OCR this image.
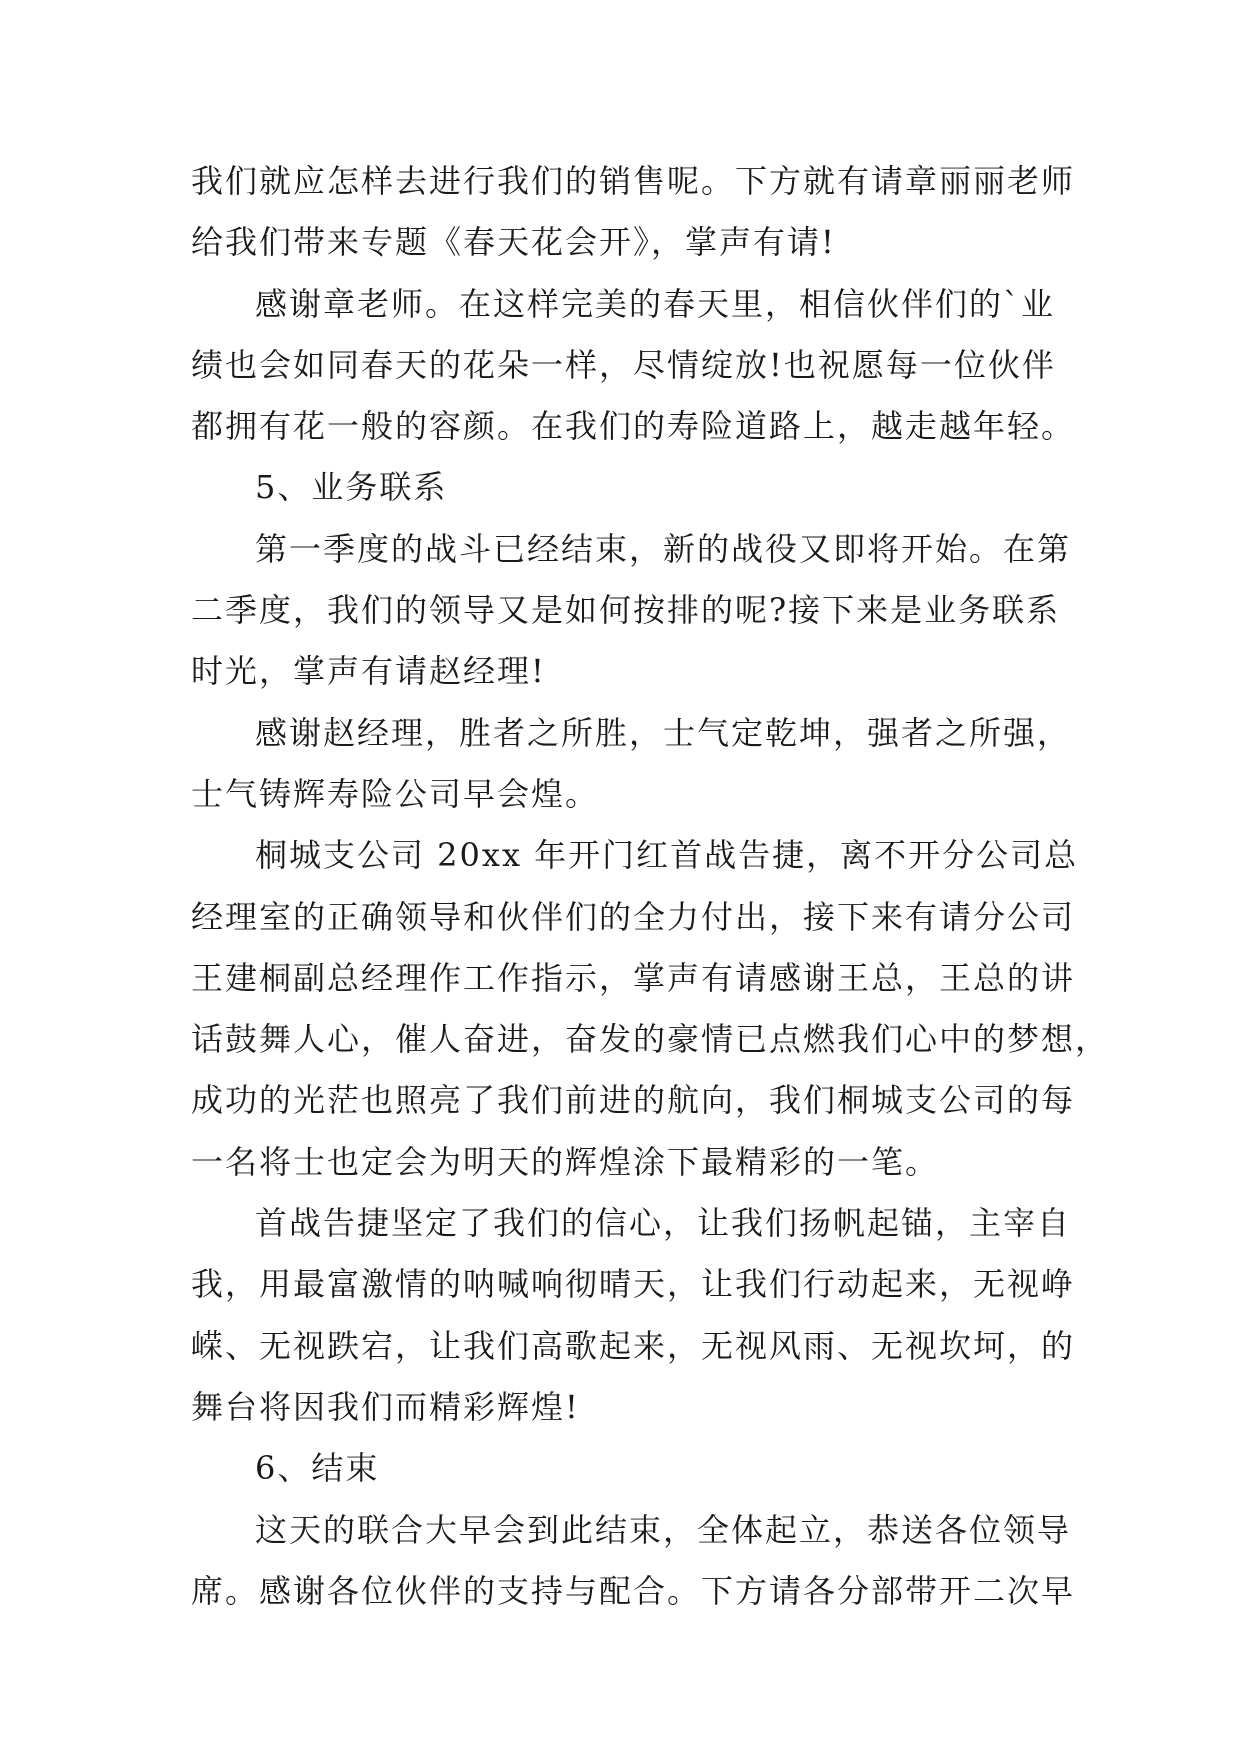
我们就应怎样去进行我们的销售呢。下方就有请章丽丽老师
给我们带来专题《春天花会开》，掌声有请!
感谢章老师。在这样完美的春天里，相信伙伴们的`业
绩也会如同春天的花朵一样，尽情绽放!也祝愿每一位伙伴
都拥有花一般的容颜。在我们的寿险道路上，越走越年轻。
5、业务联系
第一季度的战斗已经结束，新的战役又即将开始。在第
二季度，我们的领导又是如何按排的呢?接下来是业务联系
时光，掌声有请赵经理!
感谢赵经理，胜者之所胜，士气定乾坤，强者之所强，
士气铸辉寿险公司早会煌。
桐城支公司 20xx 年开门红首战告捷，离不开分公司总
经理室的正确领导和伙伴们的全力付出，接下来有请分公司
王建桐副总经理作工作指示，掌声有请感谢王总，王总的讲
话鼓舞人心，催人奋进，奋发的豪情已点燃我们心中的梦想，
成功的光茫也照亮了我们前进的航向，我们桐城支公司的每
一名将士也定会为明天的辉煌涂下最精彩的一笔。
首战告捷坚定了我们的信心，让我们扬帆起锚，主宰自
我，用最富激情的呐喊响彻晴天，让我们行动起来，无视峥
嵘、无视跌宕，让我们高歌起来，无视风雨、无视坎坷，的
舞台将因我们而精彩辉煌!
6、结束
这天的联合大早会到此结束，全体起立，恭送各位领导
席。感谢各位伙伴的支持与配合。下方请各分部带开二次早
